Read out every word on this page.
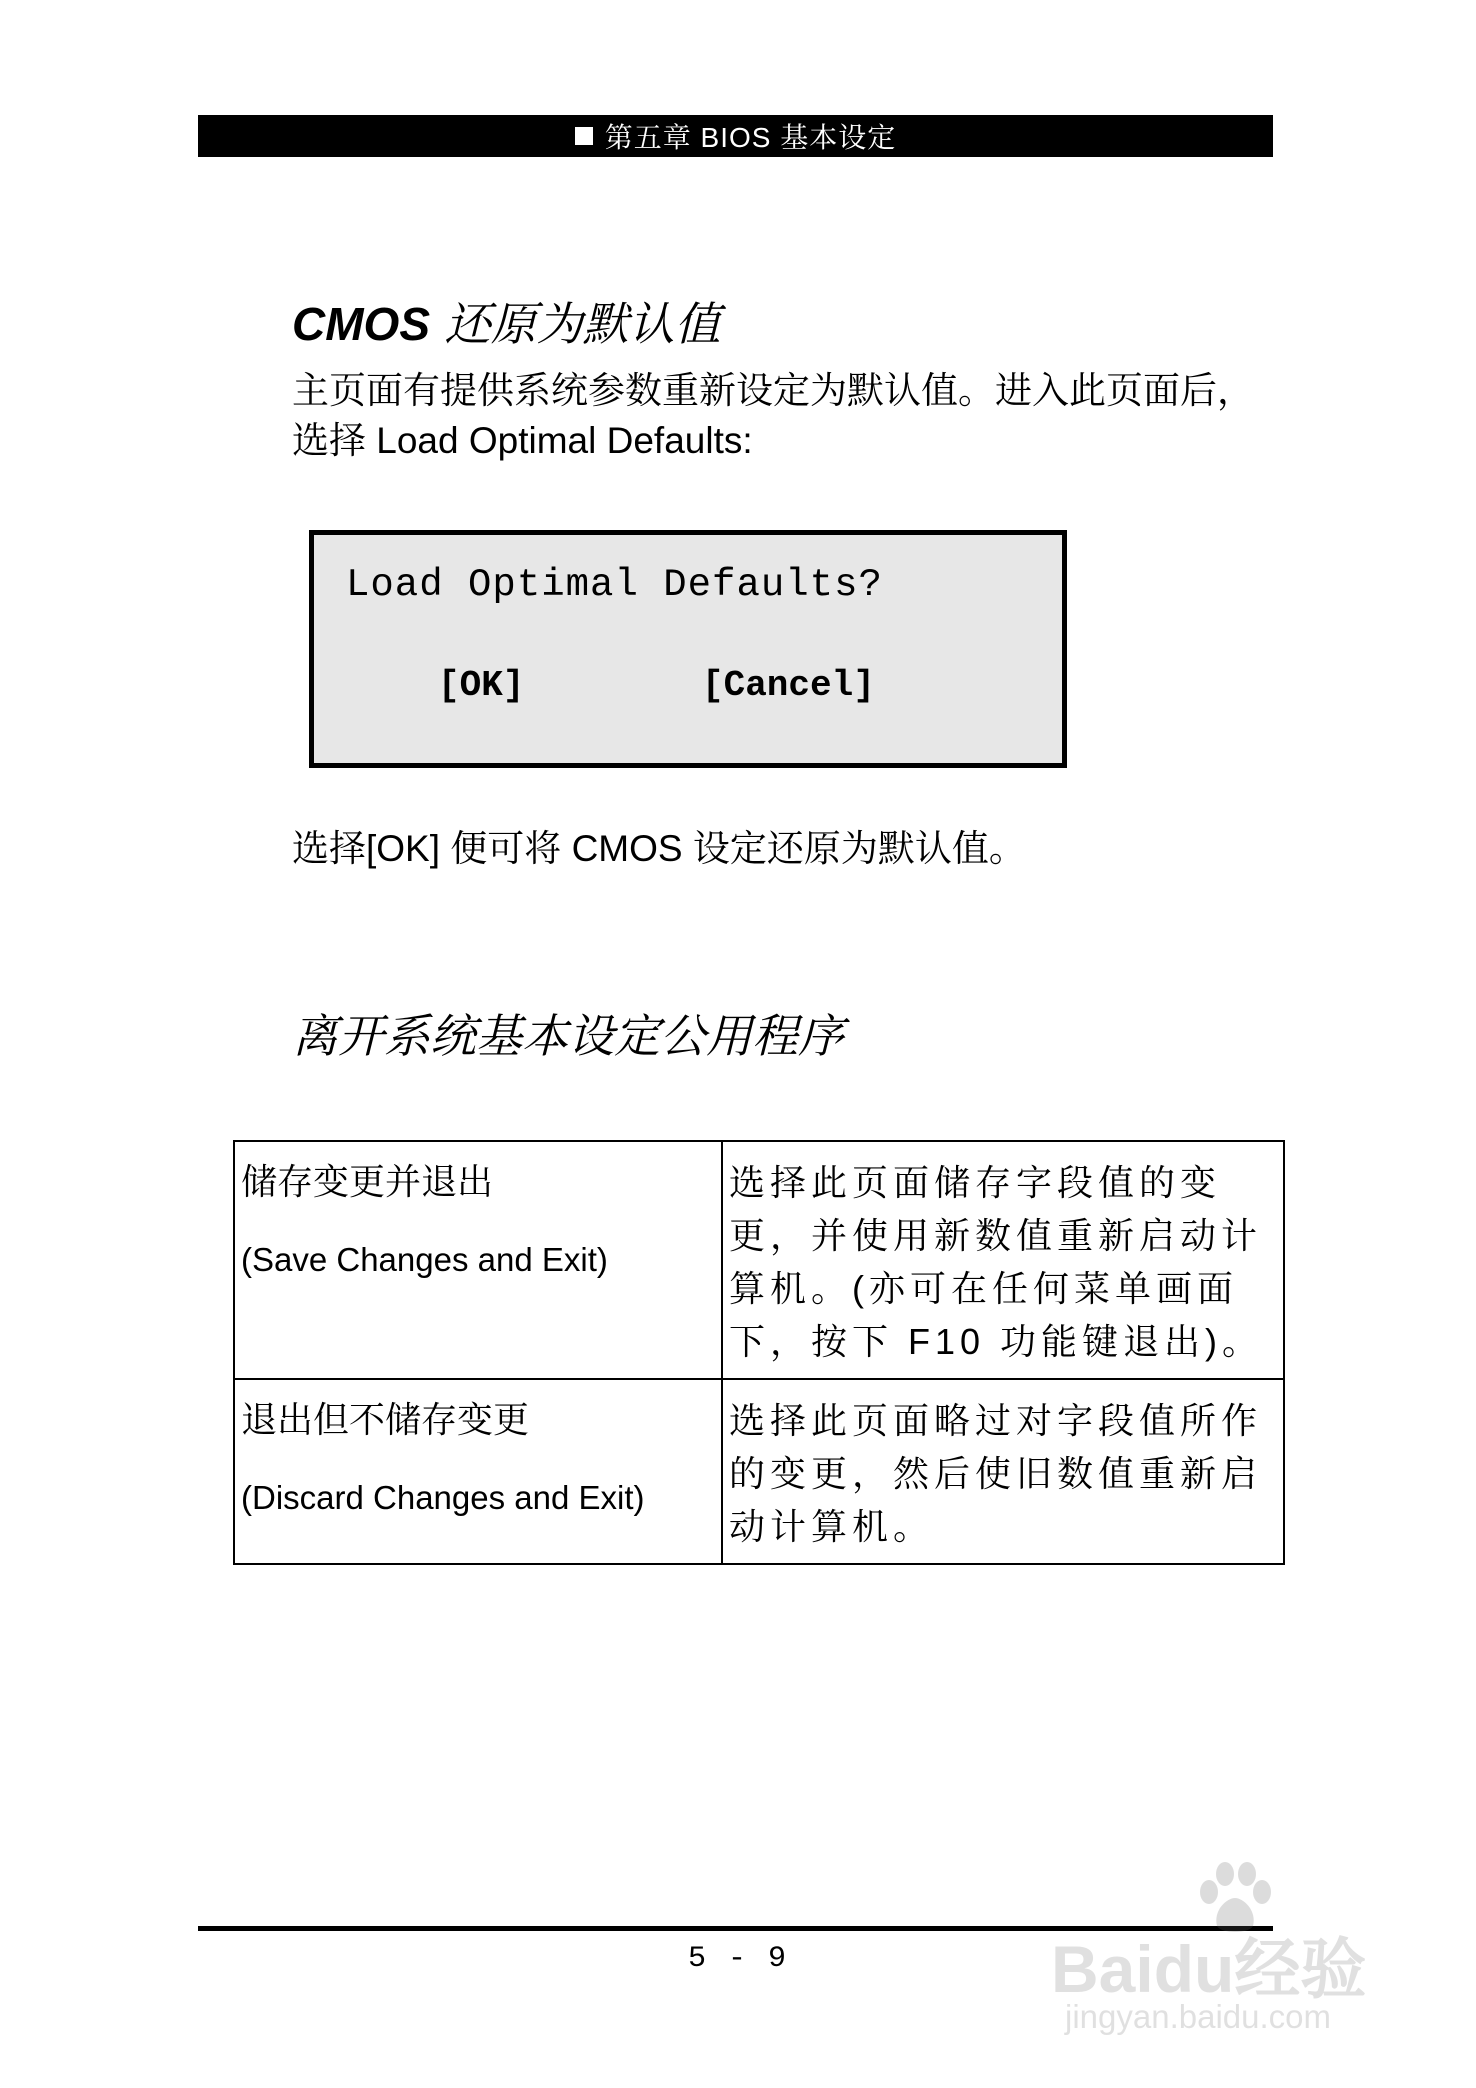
第五章 BIOS 基本设定
CMOS 还原为默认值
主页面有提供系统参数重新设定为默认值。进入此页面后，选择 Load Optimal Defaults:
Load Optimal Defaults?
[OK]	[Cancel]
选择[OK] 便可将 CMOS 设定还原为默认值。
离开系统基本设定公用程序
储存变更并退出
(Save Changes and Exit)	选择此页面储存字段值的变更，并使用新数值重新启动计算机。(亦可在任何菜单画面下，按下 F10 功能键退出)。
退出但不储存变更
(Discard Changes and Exit)	选择此页面略过对字段值所作的变更，然后使旧数值重新启动计算机。
5 - 9	Baidu经验
jingyan.baidu.com
